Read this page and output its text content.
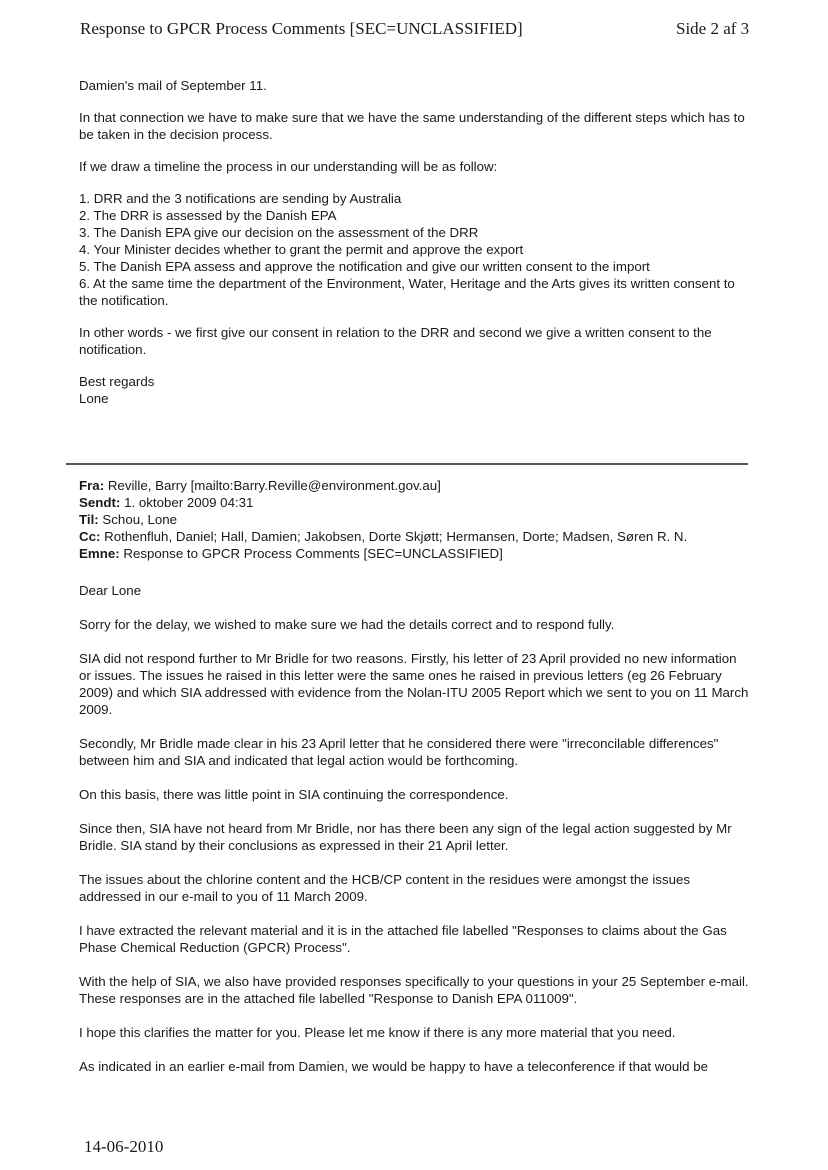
Response to GPCR Process Comments [SEC=UNCLASSIFIED]	Side 2 af 3

Damien's mail of September 11.

In that connection we have to make sure that we have the same understanding of the different steps which has to be taken in the decision process.

If we draw a timeline the process in our understanding will be as follow:

1. DRR and the 3 notifications are sending by Australia
2. The DRR is assessed by the Danish EPA
3. The Danish EPA give our decision on the assessment of the DRR
4. Your Minister decides whether to grant the permit and approve the export
5. The Danish EPA assess and approve the notification and give our written consent to the import
6. At the same time the department of the Environment, Water, Heritage and the Arts gives its written consent to the notification.

In other words - we first give our consent in relation to the DRR and second we give a written consent to the notification.

Best regards

Lone

Fra: Reville, Barry [mailto:Barry.Reville@environment.gov.au]
Sendt: 1. oktober 2009 04:31
Til: Schou, Lone
Cc: Rothenfluh, Daniel; Hall, Damien; Jakobsen, Dorte Skjøtt; Hermansen, Dorte; Madsen, Søren R. N.
Emne: Response to GPCR Process Comments [SEC=UNCLASSIFIED]

Dear Lone

Sorry for the delay, we wished to make sure we had the details correct and to respond fully.

SIA did not respond further to Mr Bridle for two reasons. Firstly, his letter of 23 April provided no new information or issues. The issues he raised in this letter were the same ones he raised in previous letters (eg 26 February 2009) and which SIA addressed with evidence from the Nolan-ITU 2005 Report which we sent to you on 11 March 2009.

Secondly, Mr Bridle made clear in his 23 April letter that he considered there were "irreconcilable differences" between him and SIA and indicated that legal action would be forthcoming.

On this basis, there was little point in SIA continuing the correspondence.

Since then, SIA have not heard from Mr Bridle, nor has there been any sign of the legal action suggested by Mr Bridle. SIA stand by their conclusions as expressed in their 21 April letter.

The issues about the chlorine content and the HCB/CP content in the residues were amongst the issues addressed in our e-mail to you of 11 March 2009.

I have extracted the relevant material and it is in the attached file labelled "Responses to claims about the Gas Phase Chemical Reduction (GPCR) Process".

With the help of SIA, we also have provided responses specifically to your questions in your 25 September e-mail. These responses are in the attached file labelled "Response to Danish EPA 011009".

I hope this clarifies the matter for you. Please let me know if there is any more material that you need.

As indicated in an earlier e-mail from Damien, we would be happy to have a teleconference if that would be

14-06-2010
